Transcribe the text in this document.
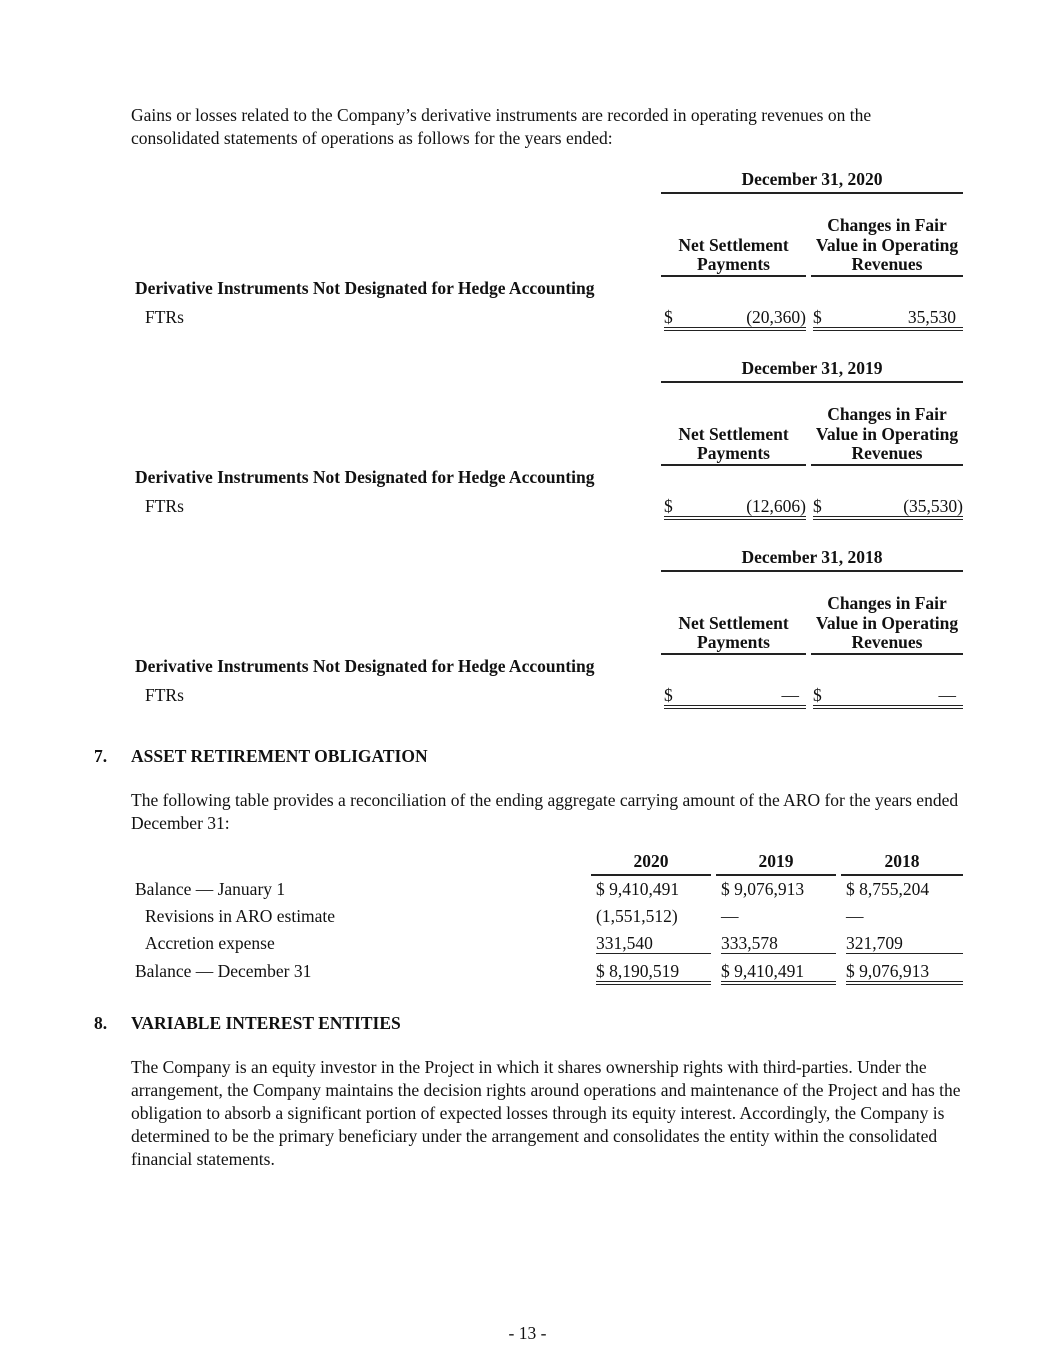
Gains or losses related to the Company’s derivative instruments are recorded in operating revenues on the consolidated statements of operations as follows for the years ended:

December 31, 2020
Net Settlement Payments
Changes in Fair Value in Operating Revenues
Derivative Instruments Not Designated for Hedge Accounting
FTRs	$	(20,360) $	35,530
December 31, 2019
Net Settlement Payments
Changes in Fair Value in Operating Revenues
Derivative Instruments Not Designated for Hedge Accounting
FTRs	$	(12,606) $	(35,530)
December 31, 2018
Net Settlement Payments
Changes in Fair Value in Operating Revenues
Derivative Instruments Not Designated for Hedge Accounting
FTRs	$	— $	—
7. ASSET RETIREMENT OBLIGATION

The following table provides a reconciliation of the ending aggregate carrying amount of the ARO for the years ended December 31:

2020	2019	2018
Balance — January 1	$ 9,410,491	$ 9,076,913	$ 8,755,204
Revisions in ARO estimate	(1,551,512)	—	—
Accretion expense	331,540	333,578	321,709
Balance — December 31	$ 8,190,519	$ 9,410,491	$ 9,076,913
8. VARIABLE INTEREST ENTITIES

The Company is an equity investor in the Project in which it shares ownership rights with third-parties. Under the arrangement, the Company maintains the decision rights around operations and maintenance of the Project and has the obligation to absorb a significant portion of expected losses through its equity interest. Accordingly, the Company is determined to be the primary beneficiary under the arrangement and consolidates the entity within the consolidated financial statements.

- 13 -
